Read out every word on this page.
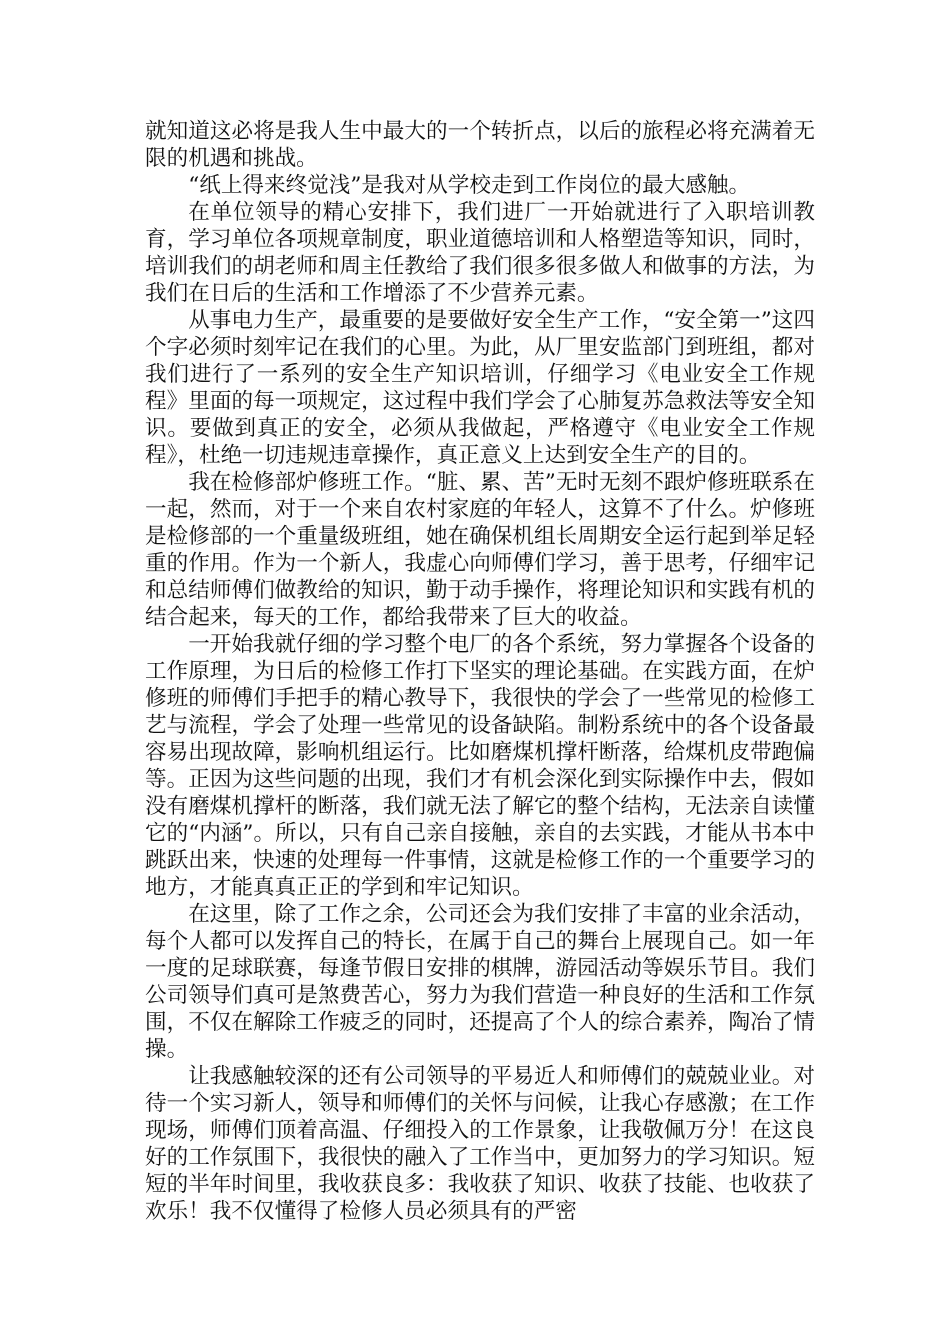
就知道这必将是我人生中最大的一个转折点，以后的旅程必将充满着无限的机遇和挑战。

“纸上得来终觉浅”是我对从学校走到工作岗位的最大感触。

在单位领导的精心安排下，我们进厂一开始就进行了入职培训教育，学习单位各项规章制度，职业道德培训和人格塑造等知识，同时，培训我们的胡老师和周主任教给了我们很多很多做人和做事的方法，为我们在日后的生活和工作增添了不少营养元素。

从事电力生产，最重要的是要做好安全生产工作，“安全第一”这四个字必须时刻牢记在我们的心里。为此，从厂里安监部门到班组，都对我们进行了一系列的安全生产知识培训，仔细学习《电业安全工作规程》里面的每一项规定，这过程中我们学会了心肺复苏急救法等安全知识。要做到真正的安全，必须从我做起，严格遵守《电业安全工作规程》，杜绝一切违规违章操作，真正意义上达到安全生产的目的。

我在检修部炉修班工作。“脏、累、苦”无时无刻不跟炉修班联系在一起，然而，对于一个来自农村家庭的年轻人，这算不了什么。炉修班是检修部的一个重量级班组，她在确保机组长周期安全运行起到举足轻重的作用。作为一个新人，我虚心向师傅们学习，善于思考，仔细牢记和总结师傅们做教给的知识，勤于动手操作，将理论知识和实践有机的结合起来，每天的工作，都给我带来了巨大的收益。

一开始我就仔细的学习整个电厂的各个系统，努力掌握各个设备的工作原理，为日后的检修工作打下坚实的理论基础。在实践方面，在炉修班的师傅们手把手的精心教导下，我很快的学会了一些常见的检修工艺与流程，学会了处理一些常见的设备缺陷。制粉系统中的各个设备最容易出现故障，影响机组运行。比如磨煤机撑杆断落，给煤机皮带跑偏等。正因为这些问题的出现，我们才有机会深化到实际操作中去，假如没有磨煤机撑杆的断落，我们就无法了解它的整个结构，无法亲自读懂它的“内涵”。所以，只有自己亲自接触，亲自的去实践，才能从书本中跳跃出来，快速的处理每一件事情，这就是检修工作的一个重要学习的地方，才能真真正正的学到和牢记知识。

在这里，除了工作之余，公司还会为我们安排了丰富的业余活动，每个人都可以发挥自己的特长，在属于自己的舞台上展现自己。如一年一度的足球联赛，每逢节假日安排的棋牌，游园活动等娱乐节目。我们公司领导们真可是煞费苦心，努力为我们营造一种良好的生活和工作氛围，不仅在解除工作疲乏的同时，还提高了个人的综合素养，陶冶了情操。

让我感触较深的还有公司领导的平易近人和师傅们的兢兢业业。对待一个实习新人，领导和师傅们的关怀与问候，让我心存感激；在工作现场，师傅们顶着高温、仔细投入的工作景象，让我敬佩万分！在这良好的工作氛围下，我很快的融入了工作当中，更加努力的学习知识。短短的半年时间里，我收获良多：我收获了知识、收获了技能、也收获了欢乐！我不仅懂得了检修人员必须具有的严密
